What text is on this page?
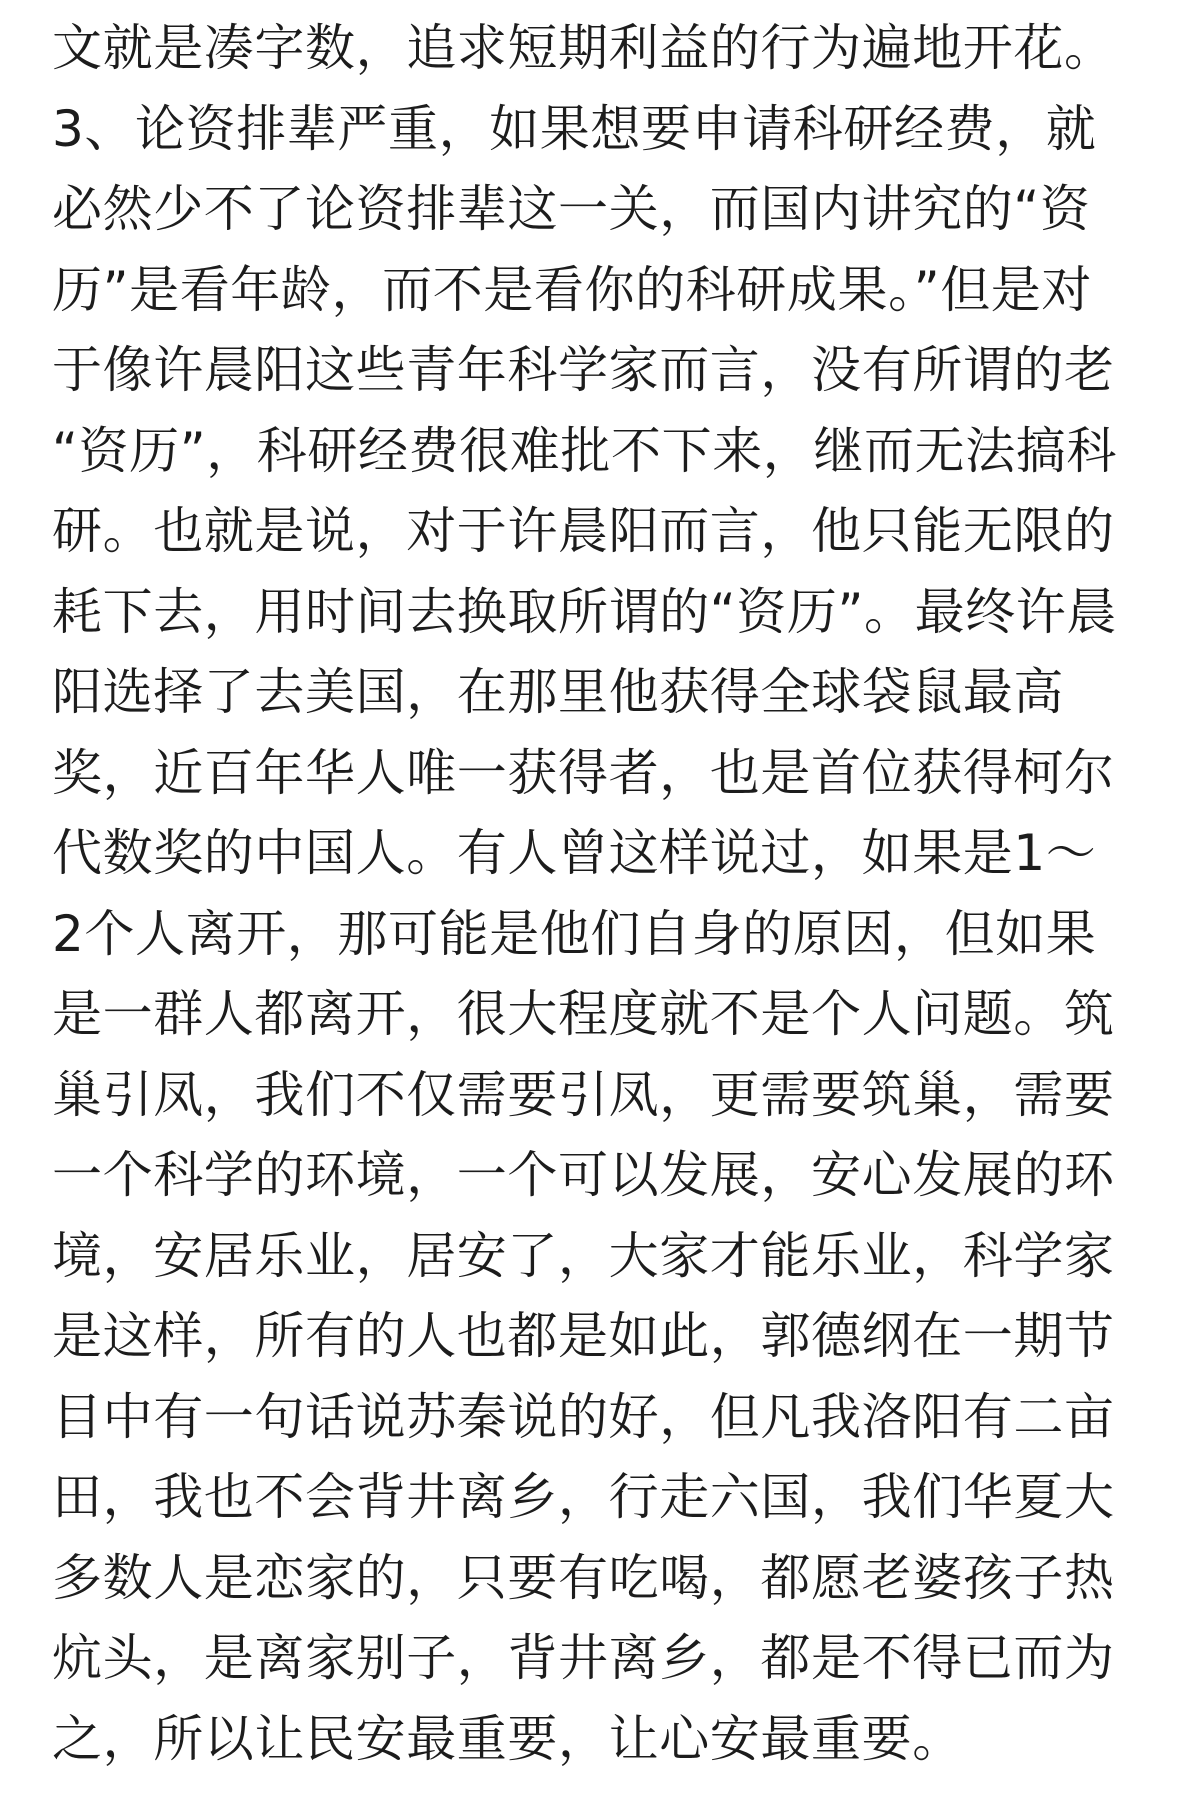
文就是凑字数，追求短期利益的行为遍地开花。
3、论资排辈严重，如果想要申请科研经费，就
必然少不了论资排辈这一关，而国内讲究的“资
历”是看年龄，而不是看你的科研成果。”但是对
于像许晨阳这些青年科学家而言，没有所谓的老
“资历”，科研经费很难批不下来，继而无法搞科
研。也就是说，对于许晨阳而言，他只能无限的
耗下去，用时间去换取所谓的“资历”。最终许晨
阳选择了去美国，在那里他获得全球袋鼠最高
奖，近百年华人唯一获得者，也是首位获得柯尔
代数奖的中国人。有人曾这样说过，如果是1～
2个人离开，那可能是他们自身的原因，但如果
是一群人都离开，很大程度就不是个人问题。筑
巢引凤，我们不仅需要引凤，更需要筑巢，需要
一个科学的环境，一个可以发展，安心发展的环
境，安居乐业，居安了，大家才能乐业，科学家
是这样，所有的人也都是如此，郭德纲在一期节
目中有一句话说苏秦说的好，但凡我洛阳有二亩
田，我也不会背井离乡，行走六国，我们华夏大
多数人是恋家的，只要有吃喝，都愿老婆孩子热
炕头，是离家别子，背井离乡，都是不得已而为
之，所以让民安最重要，让心安最重要。
